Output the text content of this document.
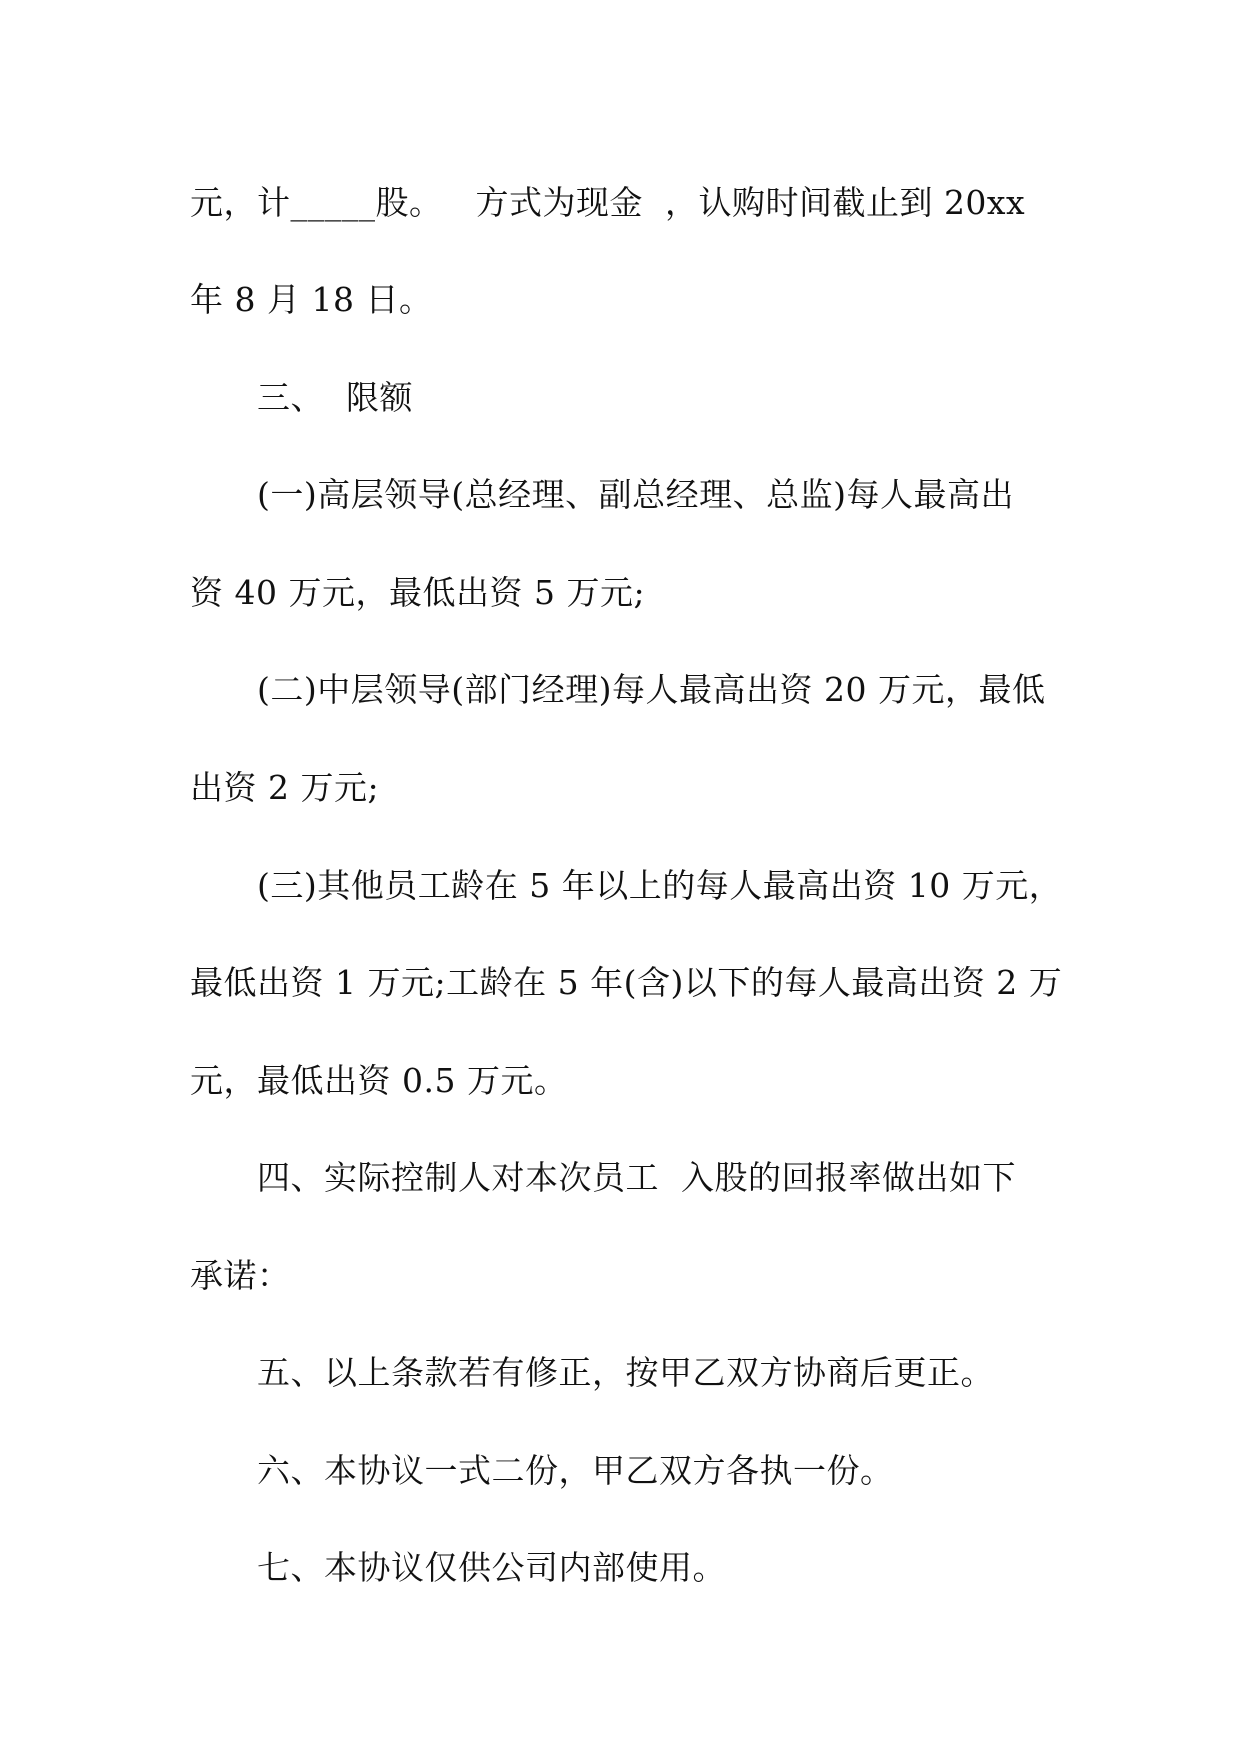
元，计_____股。   方式为现金  ，认购时间截止到 20xx
年 8 月 18 日。
三、  限额
(一)高层领导(总经理、副总经理、总监)每人最高出
资 40 万元，最低出资 5 万元;
(二)中层领导(部门经理)每人最高出资 20 万元，最低
出资 2 万元;
(三)其他员工龄在 5 年以上的每人最高出资 10 万元，
最低出资 1 万元;工龄在 5 年(含)以下的每人最高出资 2 万
元，最低出资 0.5 万元。
四、实际控制人对本次员工  入股的回报率做出如下
承诺：
五、以上条款若有修正，按甲乙双方协商后更正。
六、本协议一式二份，甲乙双方各执一份。
七、本协议仅供公司内部使用。
